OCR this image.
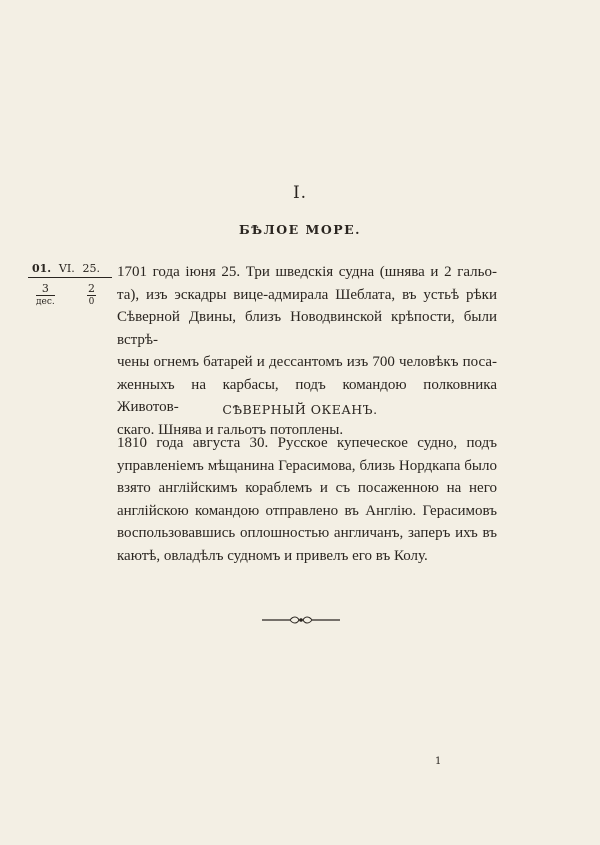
I.
БѢЛОЕ МОРЕ.
01. VI. 25.
$\frac{3}{\text{дес.}}$	$\frac{2}{0}$
1701 года iюня 25. Три шведскiя судна (шнява и 2 гальо-
та), изъ эскадры вице-адмирала Шеблата, въ устьѣ рѣки
Сѣверной Двины, близъ Новодвинской крѣпости, были встрѣ-
чены огнемъ батарей и дессантомъ изъ 700 человѣкъ поса-
женныхъ на карбасы, подъ командою полковника Животов-
скаго. Шнява и гальотъ потоплены.
СѢВЕРНЫЙ ОКЕАНЪ.
1810 года августа 30. Русское купеческое судно, подъ
управленiемъ мѣщанина Герасимова, близь Нордкапа было
взято англiйскимъ кораблемъ и съ посаженною на него
англiйскою командою отправлено въ Англiю. Герасимовъ
воспользовавшись оплошностью англичанъ, заперъ ихъ въ
каютѣ, овладѣлъ судномъ и привелъ его въ Колу.
1
